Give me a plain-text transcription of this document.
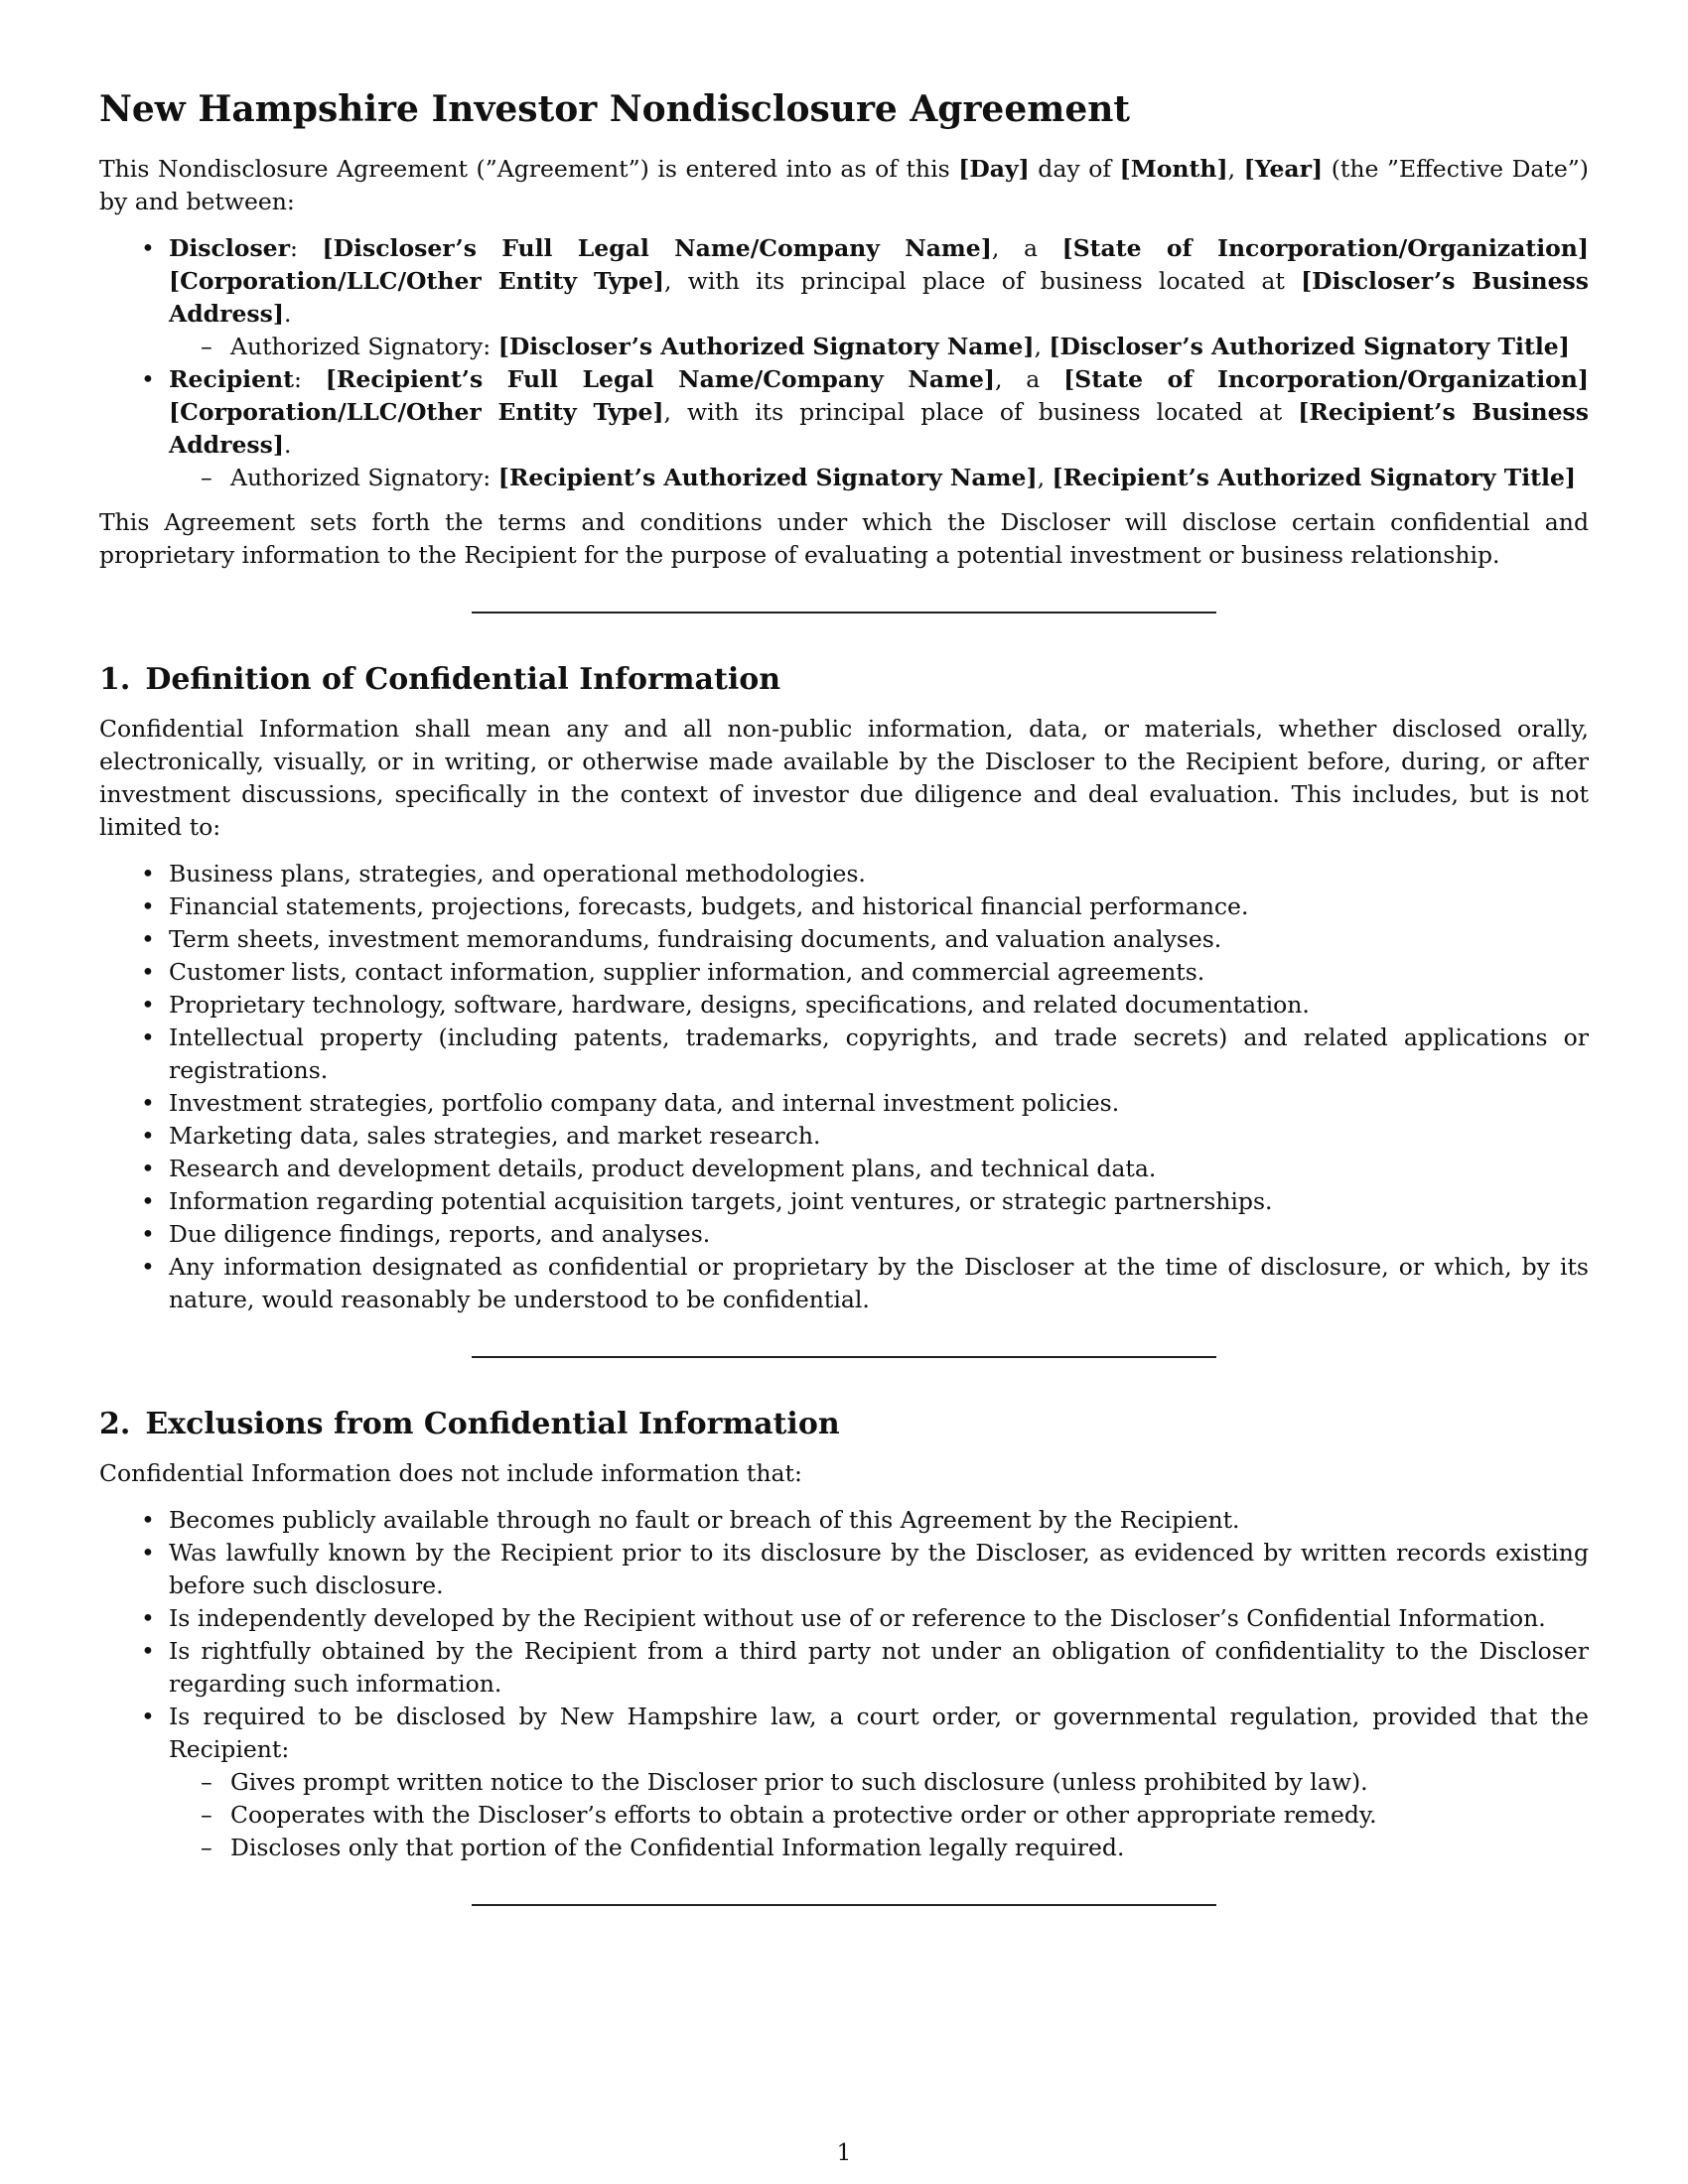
New Hampshire Investor Nondisclosure Agreement

This Nondisclosure Agreement (”Agreement”) is entered into as of this [Day] day of [Month], [Year] (the ”Effective Date”) by and between:

• Discloser: [Discloser’s Full Legal Name/Company Name], a [State of Incorporation/Organization] [Corporation/LLC/Other Entity Type], with its principal place of business located at [Discloser’s Business Address].
– Authorized Signatory: [Discloser’s Authorized Signatory Name], [Discloser’s Authorized Signatory Title]
• Recipient: [Recipient’s Full Legal Name/Company Name], a [State of Incorporation/Organization] [Corporation/LLC/Other Entity Type], with its principal place of business located at [Recipient’s Business Address].
– Authorized Signatory: [Recipient’s Authorized Signatory Name], [Recipient’s Authorized Signatory Title]

This Agreement sets forth the terms and conditions under which the Discloser will disclose certain confidential and proprietary information to the Recipient for the purpose of evaluating a potential investment or business relationship.

1. Definition of Confidential Information

Confidential Information shall mean any and all non-public information, data, or materials, whether disclosed orally, electronically, visually, or in writing, or otherwise made available by the Discloser to the Recipient before, during, or after investment discussions, specifically in the context of investor due diligence and deal evaluation. This includes, but is not limited to:

• Business plans, strategies, and operational methodologies.
• Financial statements, projections, forecasts, budgets, and historical financial performance.
• Term sheets, investment memorandums, fundraising documents, and valuation analyses.
• Customer lists, contact information, supplier information, and commercial agreements.
• Proprietary technology, software, hardware, designs, specifications, and related documentation.
• Intellectual property (including patents, trademarks, copyrights, and trade secrets) and related applications or registrations.
• Investment strategies, portfolio company data, and internal investment policies.
• Marketing data, sales strategies, and market research.
• Research and development details, product development plans, and technical data.
• Information regarding potential acquisition targets, joint ventures, or strategic partnerships.
• Due diligence findings, reports, and analyses.
• Any information designated as confidential or proprietary by the Discloser at the time of disclosure, or which, by its nature, would reasonably be understood to be confidential.
2. Exclusions from Confidential Information

Confidential Information does not include information that:

• Becomes publicly available through no fault or breach of this Agreement by the Recipient.
• Was lawfully known by the Recipient prior to its disclosure by the Discloser, as evidenced by written records existing before such disclosure.
• Is independently developed by the Recipient without use of or reference to the Discloser’s Confidential Information.
• Is rightfully obtained by the Recipient from a third party not under an obligation of confidentiality to the Discloser regarding such information.
• Is required to be disclosed by New Hampshire law, a court order, or governmental regulation, provided that the Recipient:
– Gives prompt written notice to the Discloser prior to such disclosure (unless prohibited by law).
– Cooperates with the Discloser’s efforts to obtain a protective order or other appropriate remedy.
– Discloses only that portion of the Confidential Information legally required.
1
